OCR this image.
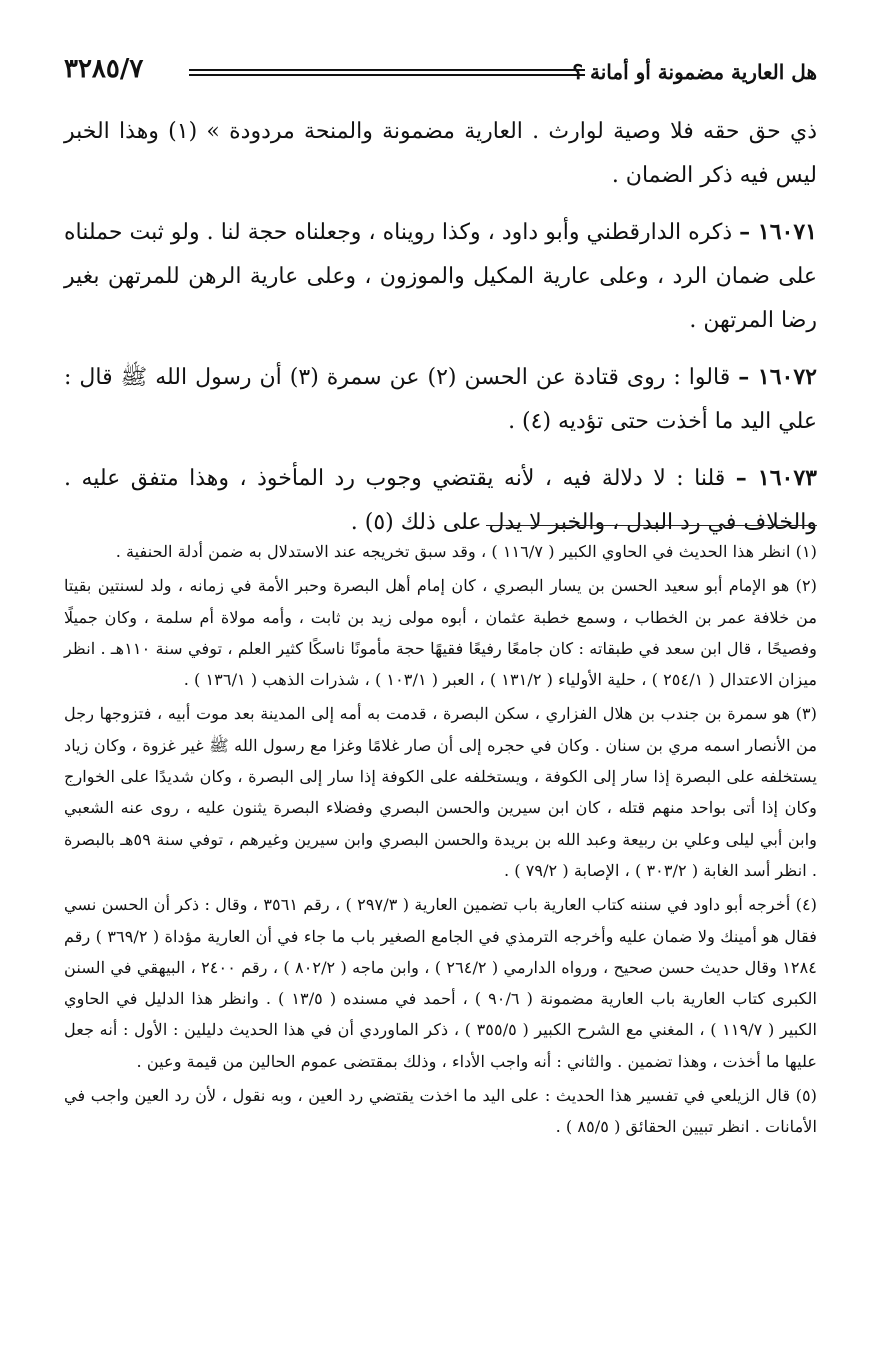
هل العارية مضمونة أو أمانة ؟
٣٢٨٥/٧

ذي حق حقه فلا وصية لوارث . العارية مضمونة والمنحة مردودة » (١) وهذا الخبر ليس فيه ذكر الضمان .

١٦٠٧١ – ذكره الدارقطني وأبو داود ، وكذا رويناه ، وجعلناه حجة لنا . ولو ثبت حملناه على ضمان الرد ، وعلى عارية المكيل والموزون ، وعلى عارية الرهن للمرتهن بغير رضا المرتهن .

١٦٠٧٢ – قالوا : روى قتادة عن الحسن (٢) عن سمرة (٣) أن رسول الله ﷺ قال : علي اليد ما أخذت حتى تؤديه (٤) .

١٦٠٧٣ – قلنا : لا دلالة فيه ، لأنه يقتضي وجوب رد المأخوذ ، وهذا متفق عليه . والخلاف في رد البدل ، والخبر لا يدل على ذلك (٥) .

(١) انظر هذا الحديث في الحاوي الكبير ( ١١٦/٧ ) ، وقد سبق تخريجه عند الاستدلال به ضمن أدلة الحنفية .

(٢) هو الإمام أبو سعيد الحسن بن يسار البصري ، كان إمام أهل البصرة وحبر الأمة في زمانه ، ولد لسنتين بقيتا من خلافة عمر بن الخطاب ، وسمع خطبة عثمان ، أبوه مولى زيد بن ثابت ، وأمه مولاة أم سلمة ، وكان جميلًا وفصيحًا ، قال ابن سعد في طبقاته : كان جامعًا رفيعًا فقيهًا حجة مأمونًا ناسكًا كثير العلم ، توفي سنة ١١٠هـ . انظر ميزان الاعتدال ( ٢٥٤/١ ) ، حلية الأولياء ( ١٣١/٢ ) ، العبر ( ١٠٣/١ ) ، شذرات الذهب ( ١٣٦/١ ) .

(٣) هو سمرة بن جندب بن هلال الفزاري ، سكن البصرة ، قدمت به أمه إلى المدينة بعد موت أبيه ، فتزوجها رجل من الأنصار اسمه مري بن سنان . وكان في حجره إلى أن صار غلامًا وغزا مع رسول الله ﷺ غير غزوة ، وكان زياد يستخلفه على البصرة إذا سار إلى الكوفة ، ويستخلفه على الكوفة إذا سار إلى البصرة ، وكان شديدًا على الخوارج وكان إذا أتى بواحد منهم قتله ، كان ابن سيرين والحسن البصري وفضلاء البصرة يثنون عليه ، روى عنه الشعبي وابن أبي ليلى وعلي بن ربيعة وعبد الله بن بريدة والحسن البصري وابن سيرين وغيرهم ، توفي سنة ٥٩هـ بالبصرة . انظر أسد الغابة ( ٣٠٣/٢ ) ، الإصابة ( ٧٩/٢ ) .

(٤) أخرجه أبو داود في سننه كتاب العارية باب تضمين العارية ( ٢٩٧/٣ ) ، رقم ٣٥٦١ ، وقال : ذكر أن الحسن نسي فقال هو أمينك ولا ضمان عليه وأخرجه الترمذي في الجامع الصغير باب ما جاء في أن العارية مؤداة ( ٣٦٩/٢ ) رقم ١٢٨٤ وقال حديث حسن صحيح ، ورواه الدارمي ( ٢٦٤/٢ ) ، وابن ماجه ( ٨٠٢/٢ ) ، رقم ٢٤٠٠ ، البيهقي في السنن الكبرى كتاب العارية باب العارية مضمونة ( ٩٠/٦ ) ، أحمد في مسنده ( ١٣/٥ ) . وانظر هذا الدليل في الحاوي الكبير ( ١١٩/٧ ) ، المغني مع الشرح الكبير ( ٣٥٥/٥ ) ، ذكر الماوردي أن في هذا الحديث دليلين : الأول : أنه جعل عليها ما أخذت ، وهذا تضمين . والثاني : أنه واجب الأداء ، وذلك بمقتضى عموم الحالين من قيمة وعين .

(٥) قال الزيلعي في تفسير هذا الحديث : على اليد ما اخذت يقتضي رد العين ، وبه نقول ، لأن رد العين واجب في الأمانات . انظر تبيين الحقائق ( ٨٥/٥ ) .
